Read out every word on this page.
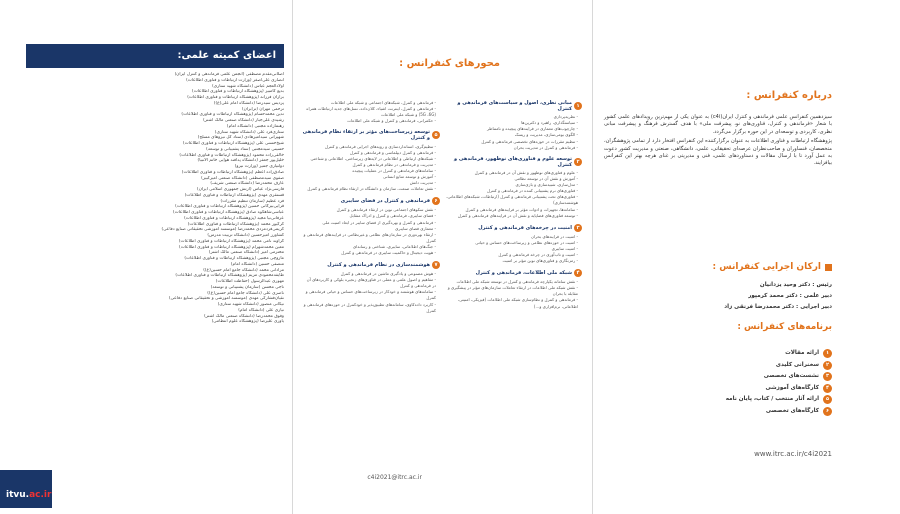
اعضای کمیته علمی:
اصلانی‌مقدم مصطفی (انجمن علمی فرماندهی و کنترل ایران)
انصاری علی‌اصغر (وزارت ارتباطات و فناوری اطلاعات)
اولادالعجم عباس (دانشگاه شهید ستاری)
بدیع کامبیز (پژوهشگاه ارتباطات و فناوری اطلاعات)
برازان فرزانه (پژوهشگاه ارتباطات و فناوری اطلاعات)
پردیس سیدرضا (دانشگاه امام علی(ع))
ترحمی مهران (ترابران)
تدین محمدحسام (پژوهشگاه ارتباطات و فناوری اطلاعات)
رشیدی علی‌جبار (دانشگاه صنعتی مالک اشتر)
رهنمازاده مجتبی (دانشگاه امام)
ستاری‌فرد علی (دانشگاه شهید ستاری)
شهپراتی سیدامیرهادی (ستاد کل نیروهای مسلح)
شیخ‌حسنی علی (پژوهشگاه ارتباطات و فناوری اطلاعات)
حسینی سیدمجتبی (ستاد پشتیبانی و توسعه)
خالقی‌راده محمود (پژوهشگاه ارتباطات و فناوری اطلاعات)
خلیل‌پور جعفر (دانشگاه پدافند هوایی خاتم الانبیا)
دولتیاری جمیز (وزارت نیرو)
صادق‌زاده اعظم (پژوهشگاه ارتباطات و فناوری اطلاعات)
صفوی سیدمصطفی (دانشگاه صنعتی امیرکبیر)
عارف محمدرضا (دانشگاه صنعتی شریف)
فارسی‌نژاد عباس (ارتش جمهوری اسلامی ایران)
قستقری مهدی (پژوهشگاه ارتباطات و فناوری اطلاعات)
فرد عظیم (سازمان تنظیم مقررات)
قرایی‌بیرگانی حسین (پژوهشگاه ارتباطات و فناوری اطلاعات)
عباسی‌شاهکوه صادق (پژوهشگاه ارتباطات و فناوری اطلاعات)
عرفانی‌نیا مجید (پژوهشگاه ارتباطات و فناوری اطلاعات)
کرگیور محمد (پژوهشگاه ارتباطات و فناوری اطلاعات)
کریمی‌فرد‌مردی محمدرضا (موسسه آموزشی تحقیقاتی صنایع دفاعی)
کشاورز امیرحسین (دانشگاه تربیت مدرس)
گراوند نامی محمد (پژوهشگاه ارتباطات و فناوری اطلاعات)
معین محمدشهرام (پژوهشگاه ارتباطات و فناوری اطلاعات)
محترمی امیر (دانشگاه صنعتی مالک اشتر)
مازوچی مجتبی (پژوهشگاه ارتباطات و فناوری اطلاعات)
منصفی حسین (دانشگاه امام)
مرادانی محمد (دانشگاه جامع امام حسین(ع))
طایفه‌محمودی مریم (پژوهشگاه ارتباطات و فناوری اطلاعات)
مهوری عبدالرسول (حفاظت اطلاعات)
ناجی محسن (سازمان پشتیبانی و توسعه)
ناصری علی (دانشگاه جامع امام حسین(ع))
نقیان‌فشارکی مهدی (موسسه آموزشی و تحقیقاتی صنایع دفاعی)
نیکانی منصور (دانشگاه شهید ستاری)
نیازی علی (دانشگاه امام)
وفوق محمدرضا (دانشگاه صنعتی مالک اشتر)
یاوری علیرضا (پژوهشگاه علوم انتظامی)
itvu.ac.ir
محورهای کنفرانس :
۱
مبانی نظری، اصول و سیاست‌های فرماندهی و کنترل
- نظریه‌پردازی
- سیاستگذاری، راهبرد و دکترین‌ها
- چارچوب‌های معماری در فرایندهای پیچیده و نامتناظر
- الگوی بومی‌سازی، مدیریت و ریسک
- تنظیم مقررات در حوزه‌های تخصصی فرماندهی و کنترل
- فرماندهی و کنترل در مدیریت بحران
۲
توسعه علوم و فناوری‌های نوظهور، فرماندهی و کنترل
- علوم و فناوری‌های نوظهور و نقش آن در فرماندهی و کنترل
- آموزش و نقش آن در توسعه نظامی
- مدل‌سازی، شبیه‌سازی و بازی‌سازی
- فناوری‌های نرم پشتیبانی کننده در فرماندهی و کنترل
- فناوری‌های تحت پشتیبانی فرماندهی و کنترل (ارتباطات، شبکه‌های اطلاعاتی، هوشمندسازی)
- سامانه‌ها، تجهیزات و ادوات مؤثر بر فرایندهای فرماندهی و کنترل
- توسعه فناوری‌های فضاپایه و نقش آن در فرایندهای فرماندهی و کنترل
۳
امنیت در چرخه‌های فرماندهی و کنترل
- امنیت در فرایندهای بحران
- امنیت در حوزه‌های نظامی و زیرساخت‌های حساس و حیاتی
- امنیت سایبری
- امنیت و تاب‌آوری در چرخه فرماندهی و کنترل
- رمزنگاری و فناوری‌های نوین مؤثر بر امنیت
۴
شبکه ملی اطلاعات، فرماندهی و کنترل
- نقش سامانه یکپارچه فرماندهی و کنترل در توسعه شبکه ملی اطلاعات
- نقش شبکه ملی اطلاعات در ارتقاء تعاملات سازمان‌های مؤثر در پیشگیری و مقابله با بحران
- فرماندهی و کنترل و نظام‌سازی شبکه ملی اطلاعات (فیزیکی، امنیتی، اطلاعاتی، نرم‌افزاری و...)
- فرماندهی و کنترل، شبکه‌های اجتماعی و شبکه ملی اطلاعات
- فرماندهی و کنترل، اینترنت اشیاء، کلان‌داده، نسل‌های جدید ارتباطات همراه (5G ،6G) و شبکه ملی اطلاعات
- حکمرانی، فرماندهی و کنترل و شبکه ملی اطلاعات
۵
توسعه زیرساخت‌های مؤثر بر ارتقاء نظام فرماندهی و کنترل
- تنظیم‌گری، استانداردسازی و رویه‌های اجرایی فرماندهی و کنترل
- فرماندهی و کنترل دیپلماسی و فرماندهی و کنترل
- شبکه‌های ارتباطی و اطلاعاتی در لایه‌های زیرساختی، اطلاعاتی و شناختی
- مدیریت و فرماندهی در نظام فرماندهی و کنترل
- سامانه‌های فرماندهی و کنترل در عملیات پیچیده
- آموزش و توسعه منابع انسانی
- مدیریت دانش
- نقش تعاملات صنعت، سازمان و دانشگاه در ارتقاء نظام فرماندهی و کنترل
۶
فرماندهی و کنترل در فضای سایبری
- نقش سکوهای اجتماعی نوین در ارتقاء فرماندهی و کنترل
- فضای سایبری، فرماندهی و کنترل و ادراک متقابل
- فرماندهی و کنترل و بهره‌گیری از فضای سایبر در ابعاد امنیت ملی
- معماری فضای سایبری
- ارتقاء بهره‌وری در سازمان‌های نظامی و غیرنظامی در فرایندهای فرماندهی و کنترل
- جنگ‌های اطلاعاتی، سایبری، شناختی و رسانه‌ای
- هویت دیجیتال و حاکمیت سایبری در فرماندهی و کنترل
۷
هوشمندسازی در نظام فرماندهی و کنترل
- هوش مصنوعی و یادگیری ماشین در فرماندهی و کنترل
- مفاهیم و اصول علمی و عملی در فناوری‌های زنجیره بلوکی و کاربردهای آن در فرماندهی و کنترل
- سامانه‌های هوشمند و خودکار در زیرساخت‌های حساس و حیاتی فرماندهی و کنترل
- کاربرد داده‌کاوی، سامانه‌های تطبیق‌پذیر و خودکنترل در حوزه‌های فرماندهی و کنترل
c4i2021@itrc.ac.ir
درباره کنفرانس :

سیزدهمین کنفرانس علمی فرماندهی و کنترل ایران(c4i) به عنوان یکی از مهم‌ترین رویدادهای علمی کشور با شعار «فرماندهی و کنترل، فناوری‌های نو، پیشرفت ملی» با هدف گسترش فرهنگ و پیشرفت مبانی نظری، کاربردی و توسعه‌ای در این حوزه برگزار می‌گردد.

پژوهشگاه ارتباطات و فناوری اطلاعات به عنوان برگزارکننده این کنفرانس افتخار دارد از تمامی پژوهشگران، متخصصان، فنساوران و صاحب‌نظران عرصه‌ای تحقیقاتی، علمی، دانشگاهی، صنعتی و مدیریت کشور دعوت به عمل آورد تا با ارسال مقالات و دستاوردهای علمی، فنی و مدیریتی بر غنای هرچه بهتر این کنفرانس بیافزایند.

ارکان اجرایی کنفرانس :
رئیس : دکتر وحید یزدانیان
دبیر علمی : دکتر محمد کرمپور
دبیر اجرایی : دکتر محمدرضا فرنقی زاد
برنامه‌های کنفرانس :
۱
ارائه مقالات
۲
سخنرانی کلیدی
۳
نشست‌های تخصصی
۴
کارگاه‌های آموزشی
۵
ارائه آثار منتخب / کتاب، پایان نامه
۶
کارگاه‌های تخصصی
www.itrc.ac.ir/c4i2021
